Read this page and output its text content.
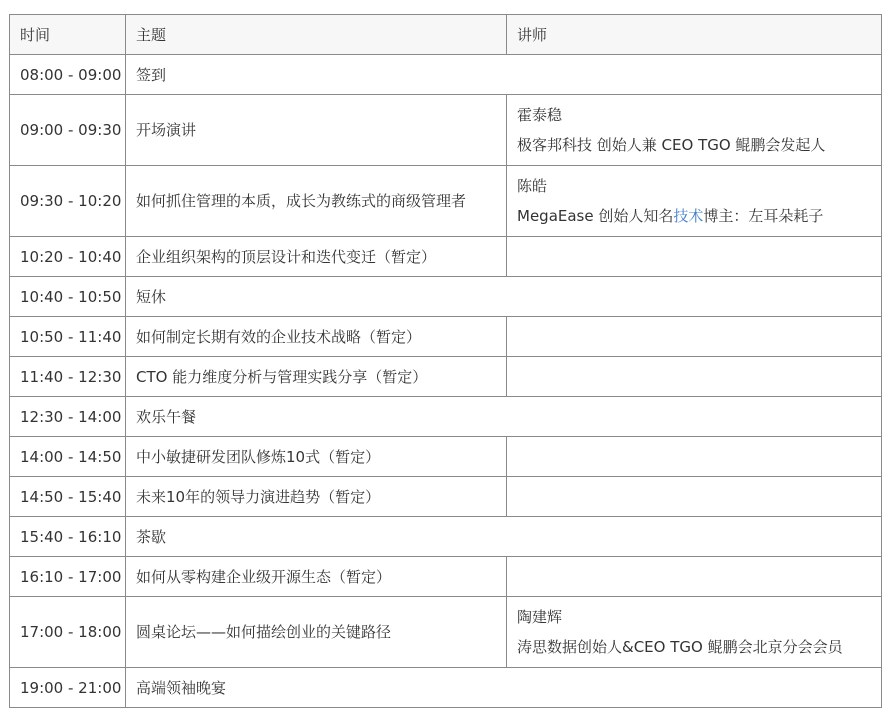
时间	主题	讲师
08:00 - 09:00	签到	
09:00 - 09:30	开场演讲	霍泰稳
极客邦科技 创始人兼 CEO TGO 鲲鹏会发起人

09:30 - 10:20	如何抓住管理的本质，成长为教练式的商级管理者	陈皓
MegaEase 创始人知名技术博主：左耳朵耗子

10:20 - 10:40	企业组织架构的顶层设计和迭代变迁（暂定）	
10:40 - 10:50	短休	
10:50 - 11:40	如何制定长期有效的企业技术战略（暂定）	
11:40 - 12:30	CTO 能力维度分析与管理实践分享（暂定）	
12:30 - 14:00	欢乐午餐	
14:00 - 14:50	中小敏捷研发团队修炼10式（暂定）	
14:50 - 15:40	未来10年的领导力演进趋势（暂定）	
15:40 - 16:10	茶歇	
16:10 - 17:00	如何从零构建企业级开源生态（暂定）	
17:00 - 18:00	圆桌论坛——如何描绘创业的关键路径	陶建辉
涛思数据创始人&CEO TGO 鲲鹏会北京分会会员

19:00 - 21:00	高端领袖晚宴	
